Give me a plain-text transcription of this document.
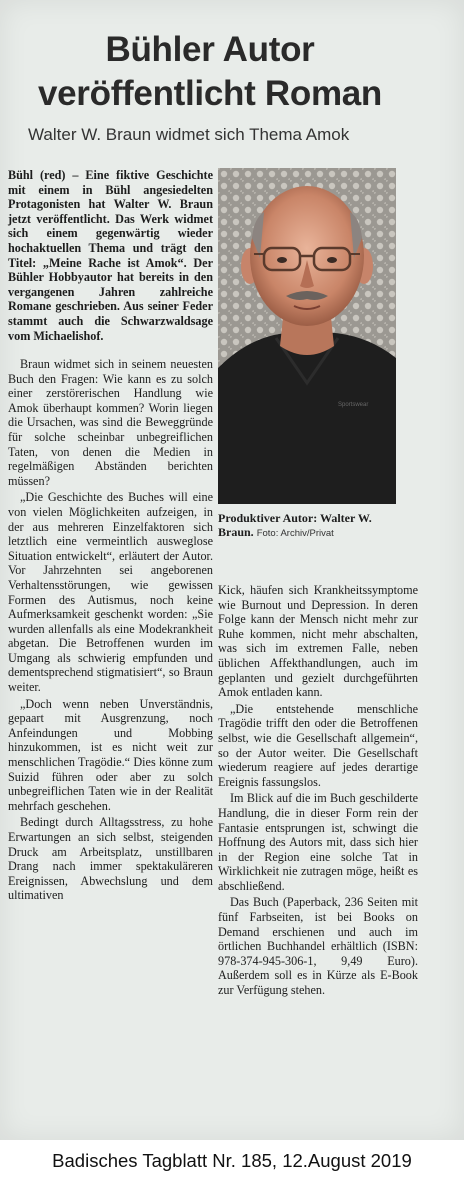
Bühler Autor
veröffentlicht Roman
Walter W. Braun widmet sich Thema Amok

Bühl (red) – Eine fiktive Geschichte mit einem in Bühl angesiedelten Protagonisten hat Walter W. Braun jetzt veröffentlicht. Das Werk widmet sich einem gegenwärtig wieder hochaktuellen Thema und trägt den Titel: „Meine Rache ist Amok“. Der Bühler Hobbyautor hat bereits in den vergangenen Jahren zahlreiche Romane geschrieben. Aus seiner Feder stammt auch die Schwarzwaldsage vom Michaelishof.

Braun widmet sich in seinem neuesten Buch den Fragen: Wie kann es zu solch einer zerstörerischen Handlung wie Amok überhaupt kommen? Worin liegen die Ursachen, was sind die Beweggründe für solche scheinbar unbegreiflichen Taten, von denen die Medien in regelmäßigen Abständen berichten müssen?

„Die Geschichte des Buches will eine von vielen Möglichkeiten aufzeigen, in der aus mehreren Einzelfaktoren sich letztlich eine vermeintlich ausweglose Situation entwickelt“, erläutert der Autor. Vor Jahrzehnten sei angeborenen Verhaltensstörungen, wie gewissen Formen des Autismus, noch keine Aufmerksamkeit geschenkt worden: „Sie wurden allenfalls als eine Modekrankheit abgetan. Die Betroffenen wurden im Umgang als schwierig empfunden und dementsprechend stigmatisiert“, so Braun weiter.

„Doch wenn neben Unverständnis, gepaart mit Ausgrenzung, noch Anfeindungen und Mobbing hinzukommen, ist es nicht weit zur menschlichen Tragödie.“ Dies könne zum Suizid führen oder aber zu solch unbegreiflichen Taten wie in der Realität mehrfach geschehen.

Bedingt durch Alltagsstress, zu hohe Erwartungen an sich selbst, steigenden Druck am Arbeitsplatz, unstillbaren Drang nach immer spektakuläreren Ereignissen, Abwechslung und dem ultimativen

Sportswear
Produktiver Autor: Walter W. Braun. Foto: Archiv/Privat

Kick, häufen sich Krankheitssymptome wie Burnout und Depression. In deren Folge kann der Mensch nicht mehr zur Ruhe kommen, nicht mehr abschalten, was sich im extremen Falle, neben üblichen Affekthandlungen, auch im geplanten und gezielt durchgeführten Amok entladen kann.

„Die entstehende menschliche Tragödie trifft den oder die Betroffenen selbst, wie die Gesellschaft allgemein“, so der Autor weiter. Die Gesellschaft wiederum reagiere auf jedes derartige Ereignis fassungslos.

Im Blick auf die im Buch geschilderte Handlung, die in dieser Form rein der Fantasie entsprungen ist, schwingt die Hoffnung des Autors mit, dass sich hier in der Region eine solche Tat in Wirklichkeit nie zutragen möge, heißt es abschließend.

Das Buch (Paperback, 236 Seiten mit fünf Farbseiten, ist bei Books on Demand erschienen und auch im örtlichen Buchhandel erhältlich (ISBN: 978-374-945-306-1, 9,49 Euro). Außerdem soll es in Kürze als E-Book zur Verfügung stehen.

Badisches Tagblatt Nr. 185, 12.August 2019
